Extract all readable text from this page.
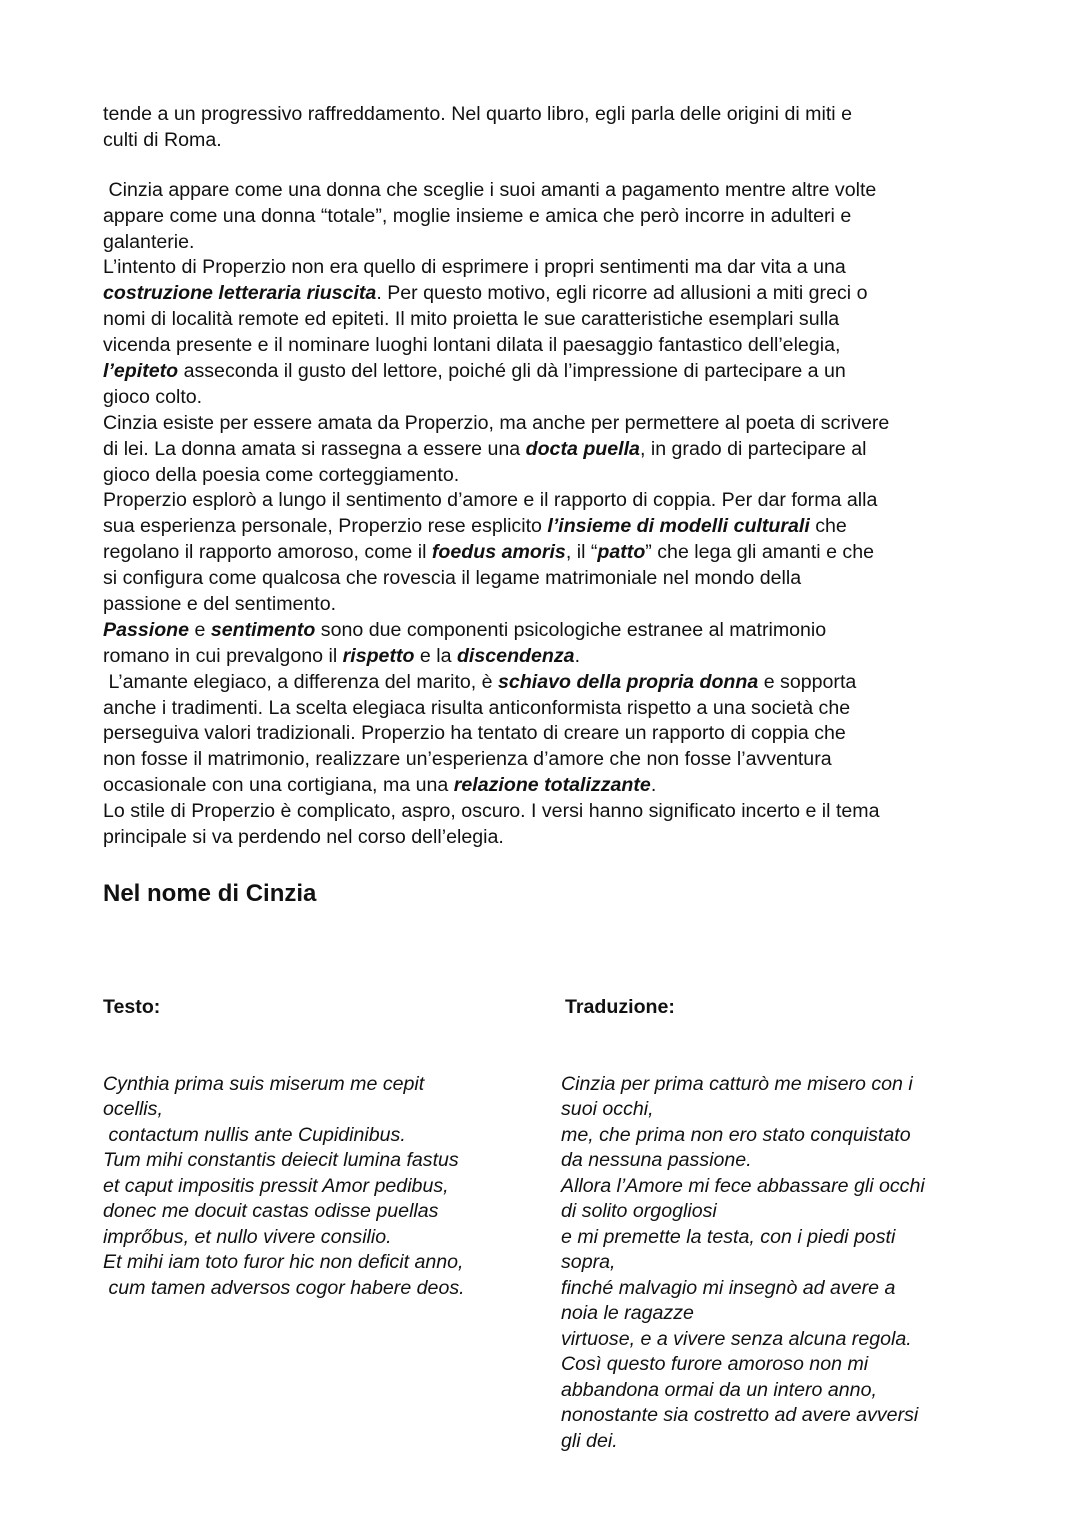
tende a un progressivo raffreddamento. Nel quarto libro, egli parla delle origini di miti e
culti di Roma.
Cinzia appare come una donna che sceglie i suoi amanti a pagamento mentre altre volte
appare come una donna “totale”, moglie insieme e amica che però incorre in adulteri e
galanterie.
L’intento di Properzio non era quello di esprimere i propri sentimenti ma dar vita a una
costruzione letteraria riuscita. Per questo motivo, egli ricorre ad allusioni a miti greci o
nomi di località remote ed epiteti. Il mito proietta le sue caratteristiche esemplari sulla
vicenda presente e il nominare luoghi lontani dilata il paesaggio fantastico dell’elegia,
l’epiteto asseconda il gusto del lettore, poiché gli dà l’impressione di partecipare a un
gioco colto.
Cinzia esiste per essere amata da Properzio, ma anche per permettere al poeta di scrivere
di lei. La donna amata si rassegna a essere una docta puella, in grado di partecipare al
gioco della poesia come corteggiamento.
Properzio esplorò a lungo il sentimento d’amore e il rapporto di coppia. Per dar forma alla
sua esperienza personale, Properzio rese esplicito l’insieme di modelli culturali che
regolano il rapporto amoroso, come il foedus amoris, il “patto” che lega gli amanti e che
si configura come qualcosa che rovescia il legame matrimoniale nel mondo della
passione e del sentimento.
Passione e sentimento sono due componenti psicologiche estranee al matrimonio
romano in cui prevalgono il rispetto e la discendenza.
L’amante elegiaco, a differenza del marito, è schiavo della propria donna e sopporta
anche i tradimenti. La scelta elegiaca risulta anticonformista rispetto a una società che
perseguiva valori tradizionali. Properzio ha tentato di creare un rapporto di coppia che
non fosse il matrimonio, realizzare un’esperienza d’amore che non fosse l’avventura
occasionale con una cortigiana, ma una relazione totalizzante.
Lo stile di Properzio è complicato, aspro, oscuro. I versi hanno significato incerto e il tema
principale si va perdendo nel corso dell’elegia.
Nel nome di Cinzia

Testo:

Cynthia prima suis miserum me cepit
ocellis,
contactum nullis ante Cupidinibus.
Tum mihi constantis deiecit lumina fastus
et caput impositis pressit Amor pedibus,
donec me docuit castas odisse puellas
imprőbus, et nullo vivere consilio.
Et mihi iam toto furor hic non deficit anno,
cum tamen adversos cogor habere deos.

Traduzione:

Cinzia per prima catturò me misero con i
suoi occhi,
me, che prima non ero stato conquistato
da nessuna passione.
Allora l’Amore mi fece abbassare gli occhi
di solito orgogliosi
e mi premette la testa, con i piedi posti
sopra,
finché malvagio mi insegnò ad avere a
noia le ragazze
virtuose, e a vivere senza alcuna regola.
Così questo furore amoroso non mi
abbandona ormai da un intero anno,
nonostante sia costretto ad avere avversi
gli dei.
